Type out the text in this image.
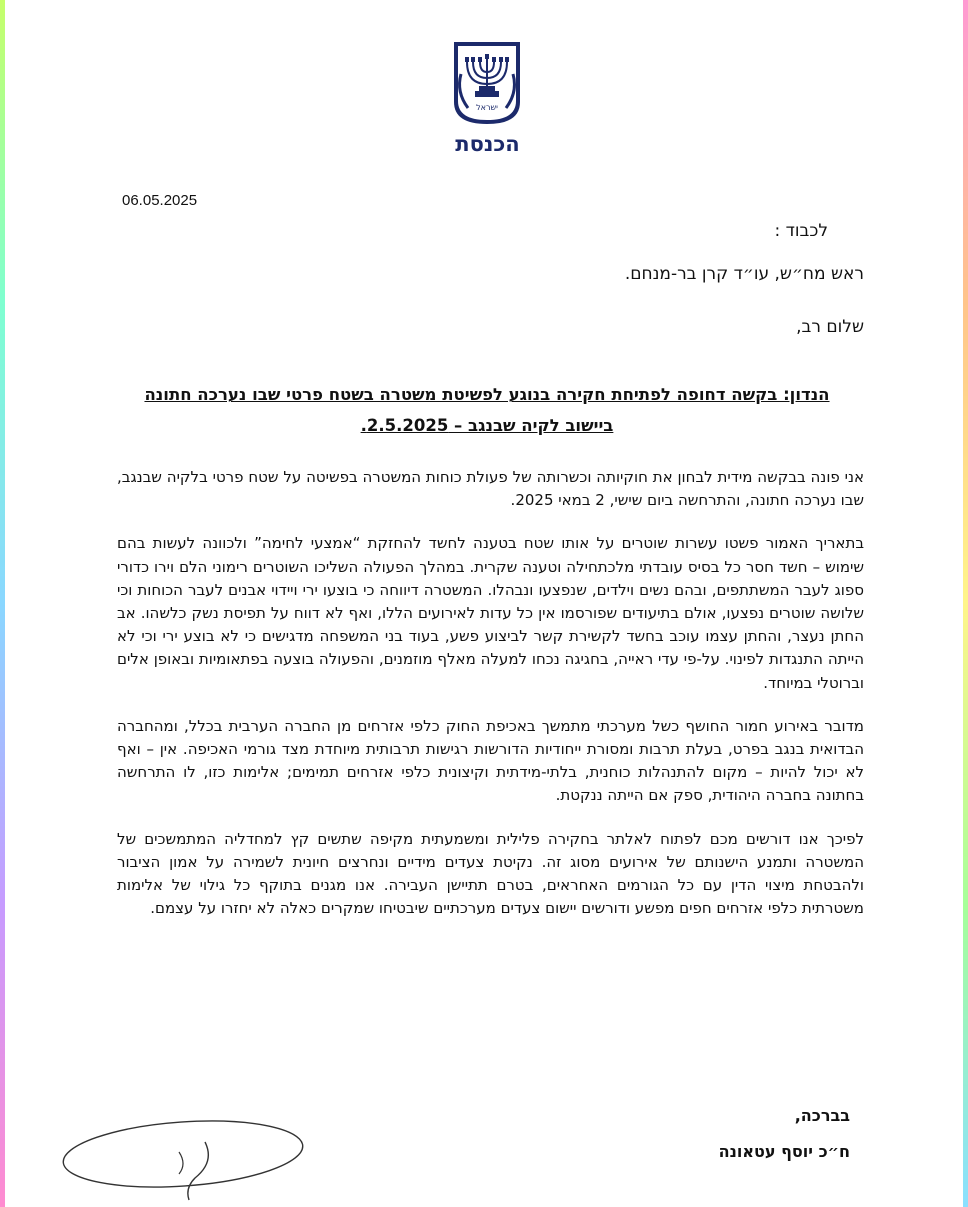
ישראל
הכנסת
06.05.2025
לכבוד :
ראש מח״ש, עו״ד קרן בר-מנחם.
שלום רב,
הנדון: בקשה דחופה לפתיחת חקירה בנוגע לפשיטת משטרה בשטח פרטי שבו נערכה חתונה
ביישוב לקיה שבנגב – 2.5.2025.

אני פונה בבקשה מידית לבחון את חוקיותה וכשרותה של פעולת כוחות המשטרה בפשיטה על שטח פרטי בלקיה שבנגב, שבו נערכה חתונה, והתרחשה ביום שישי, 2 במאי 2025.

בתאריך האמור פשטו עשרות שוטרים על אותו שטח בטענה לחשד להחזקת “אמצעי לחימה” ולכוונה לעשות בהם שימוש – חשד חסר כל בסיס עובדתי מלכתחילה וטענה שקרית. במהלך הפעולה השליכו השוטרים רימוני הלם וירו כדורי ספוג לעבר המשתתפים, ובהם נשים וילדים, שנפצעו ונבהלו. המשטרה דיווחה כי בוצעו ירי ויידוי אבנים לעבר הכוחות וכי שלושה שוטרים נפצעו, אולם בתיעודים שפורסמו אין כל עדות לאירועים הללו, ואף לא דווח על תפיסת נשק כלשהו. אב החתן נעצר, והחתן עצמו עוכב בחשד לקשירת קשר לביצוע פשע, בעוד בני המשפחה מדגישים כי לא בוצע ירי וכי לא הייתה התנגדות לפינוי. על-פי עדי ראייה, בחגיגה נכחו למעלה מאלף מוזמנים, והפעולה בוצעה בפתאומיות ובאופן אלים וברוטלי במיוחד.

מדובר באירוע חמור החושף כשל מערכתי מתמשך באכיפת החוק כלפי אזרחים מן החברה הערבית בכלל, ומהחברה הבדואית בנגב בפרט, בעלת תרבות ומסורת ייחודיות הדורשות רגישות תרבותית מיוחדת מצד גורמי האכיפה. אין – ואף לא יכול להיות – מקום להתנהלות כוחנית, בלתי-מידתית וקיצונית כלפי אזרחים תמימים; אלימות כזו, לו התרחשה בחתונה בחברה היהודית, ספק אם הייתה ננקטת.

לפיכך אנו דורשים מכם לפתוח לאלתר בחקירה פלילית ומשמעתית מקיפה שתשים קץ למחדליה המתמשכים של המשטרה ותמנע הישנותם של אירועים מסוג זה. נקיטת צעדים מידיים ונחרצים חיונית לשמירה על אמון הציבור ולהבטחת מיצוי הדין עם כל הגורמים האחראים, בטרם תתיישן העבירה. אנו מגנים בתוקף כל גילוי של אלימות משטרתית כלפי אזרחים חפים מפשע ודורשים יישום צעדים מערכתיים שיבטיחו שמקרים כאלה לא יחזרו על עצמם.

בברכה,
ח״כ יוסף עטאונה
